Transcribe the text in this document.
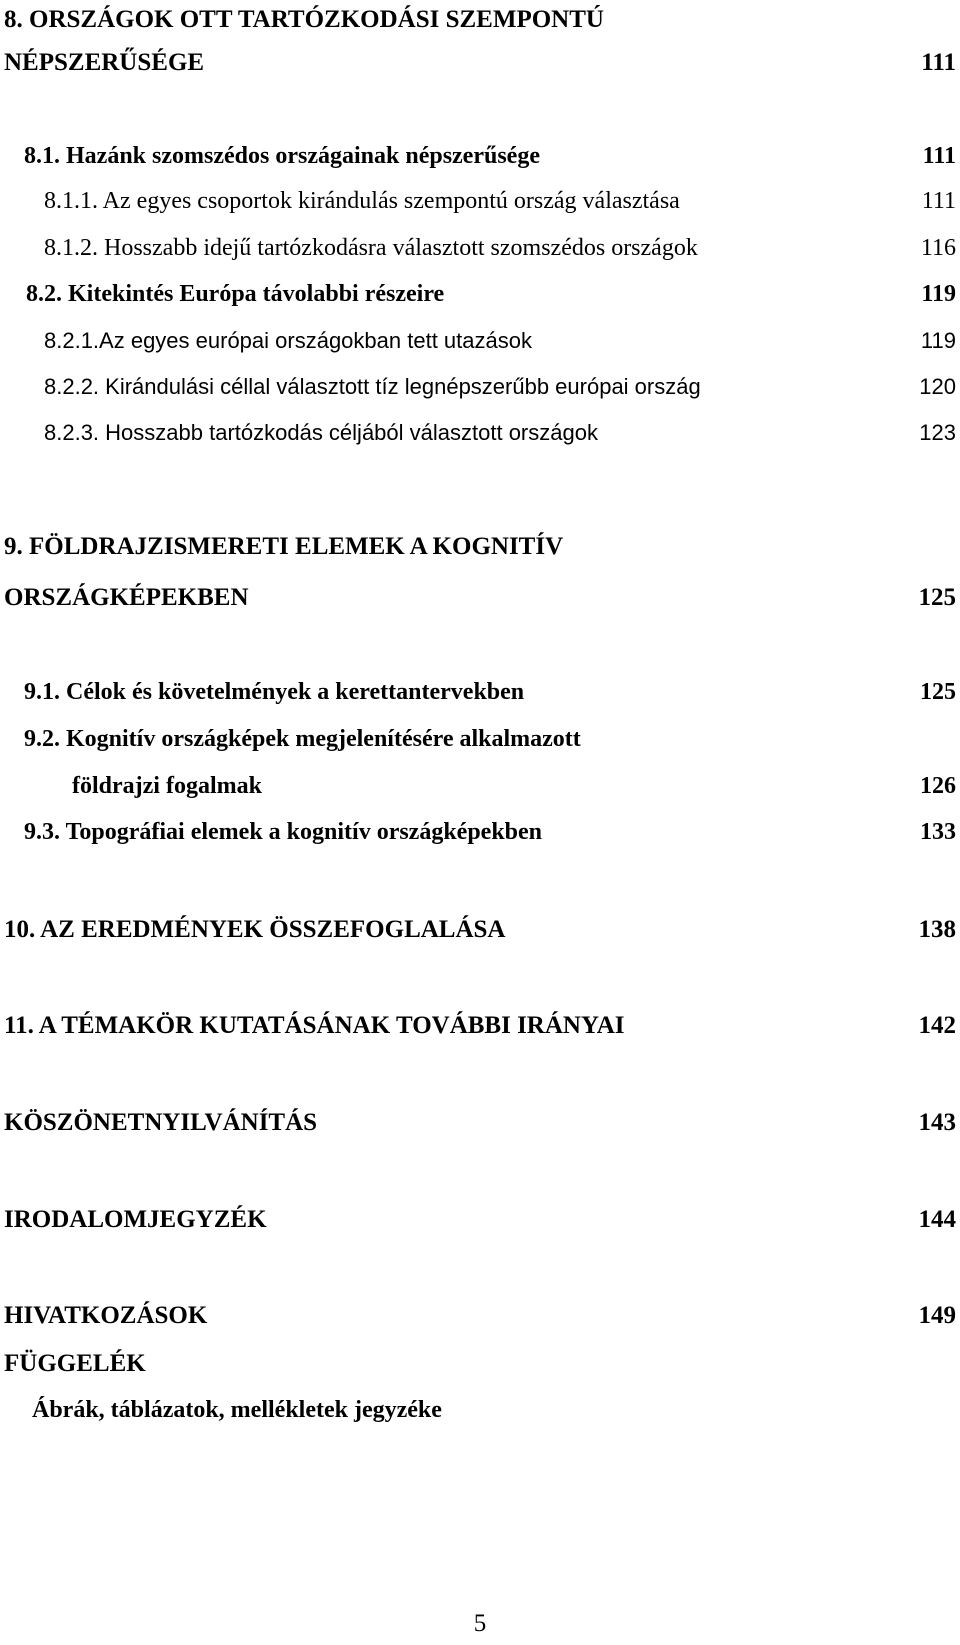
8. ORSZÁGOK OTT TARTÓZKODÁSI SZEMPONTÚ
NÉPSZERŰSÉGE	111
8.1. Hazánk szomszédos országainak népszerűsége	111
8.1.1. Az egyes csoportok kirándulás szempontú ország választása	111
8.1.2. Hosszabb idejű tartózkodásra választott szomszédos országok	116
8.2. Kitekintés Európa távolabbi részeire	119
8.2.1.Az egyes európai országokban tett utazások	119
8.2.2. Kirándulási céllal választott tíz legnépszerűbb európai ország	120
8.2.3. Hosszabb tartózkodás céljából választott országok	123
9. FÖLDRAJZISMERETI ELEMEK A KOGNITÍV
ORSZÁGKÉPEKBEN	125
9.1. Célok és követelmények a kerettantervekben	125
9.2. Kognitív országképek megjelenítésére alkalmazott
földrajzi fogalmak	126
9.3. Topográfiai elemek a kognitív országképekben	133
10. AZ EREDMÉNYEK ÖSSZEFOGLALÁSA	138
11. A TÉMAKÖR KUTATÁSÁNAK TOVÁBBI IRÁNYAI	142
KÖSZÖNETNYILVÁNÍTÁS	143
IRODALOMJEGYZÉK	144
HIVATKOZÁSOK	149
FÜGGELÉK
Ábrák, táblázatok, mellékletek jegyzéke
5
